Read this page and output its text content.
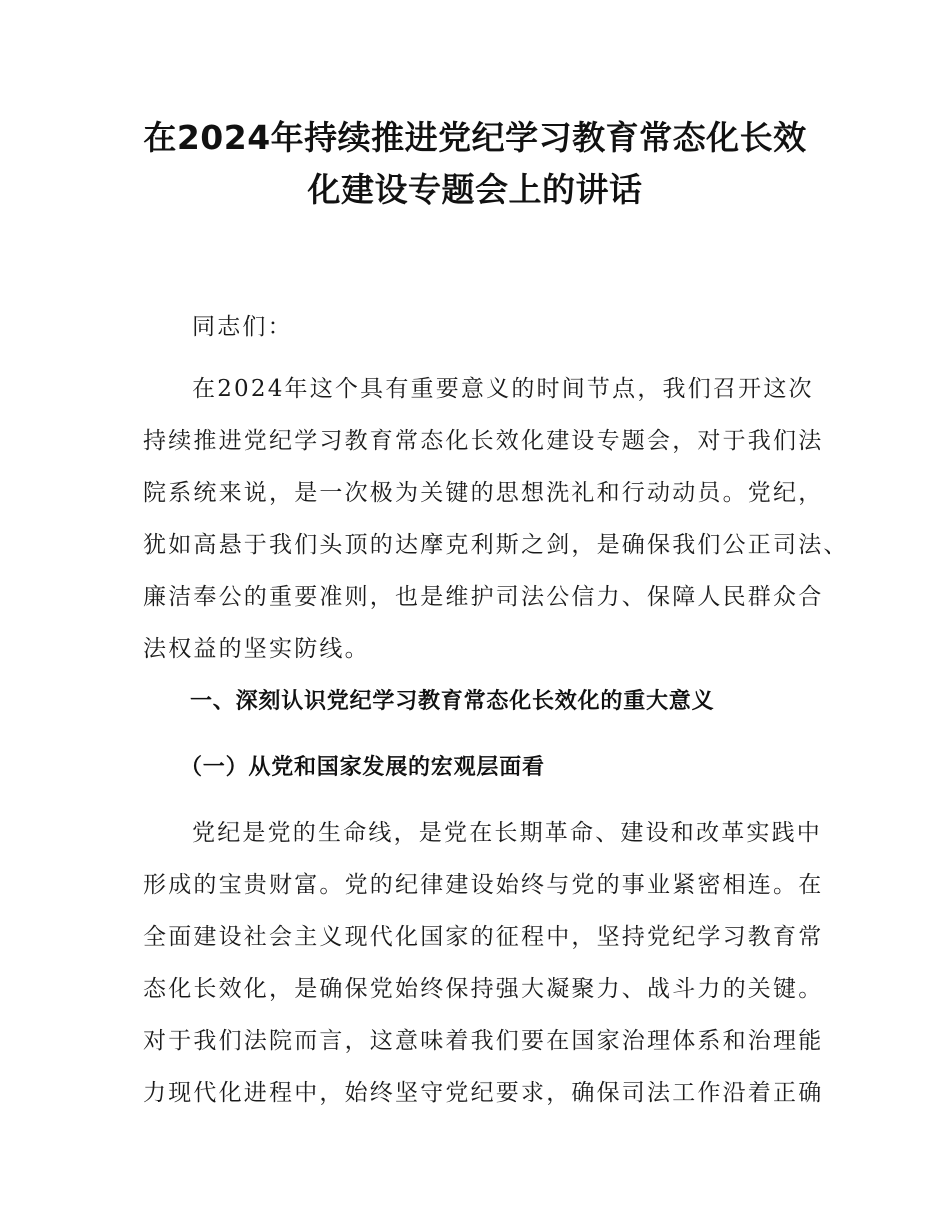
在2024年持续推进党纪学习教育常态化长效
化建设专题会上的讲话
同志们：
在2024年这个具有重要意义的时间节点，我们召开这次
持续推进党纪学习教育常态化长效化建设专题会，对于我们法
院系统来说，是一次极为关键的思想洗礼和行动动员。党纪，
犹如高悬于我们头顶的达摩克利斯之剑，是确保我们公正司法、
廉洁奉公的重要准则，也是维护司法公信力、保障人民群众合
法权益的坚实防线。
一、深刻认识党纪学习教育常态化长效化的重大意义
（一）从党和国家发展的宏观层面看
党纪是党的生命线，是党在长期革命、建设和改革实践中
形成的宝贵财富。党的纪律建设始终与党的事业紧密相连。在
全面建设社会主义现代化国家的征程中，坚持党纪学习教育常
态化长效化，是确保党始终保持强大凝聚力、战斗力的关键。
对于我们法院而言，这意味着我们要在国家治理体系和治理能
力现代化进程中，始终坚守党纪要求，确保司法工作沿着正确
